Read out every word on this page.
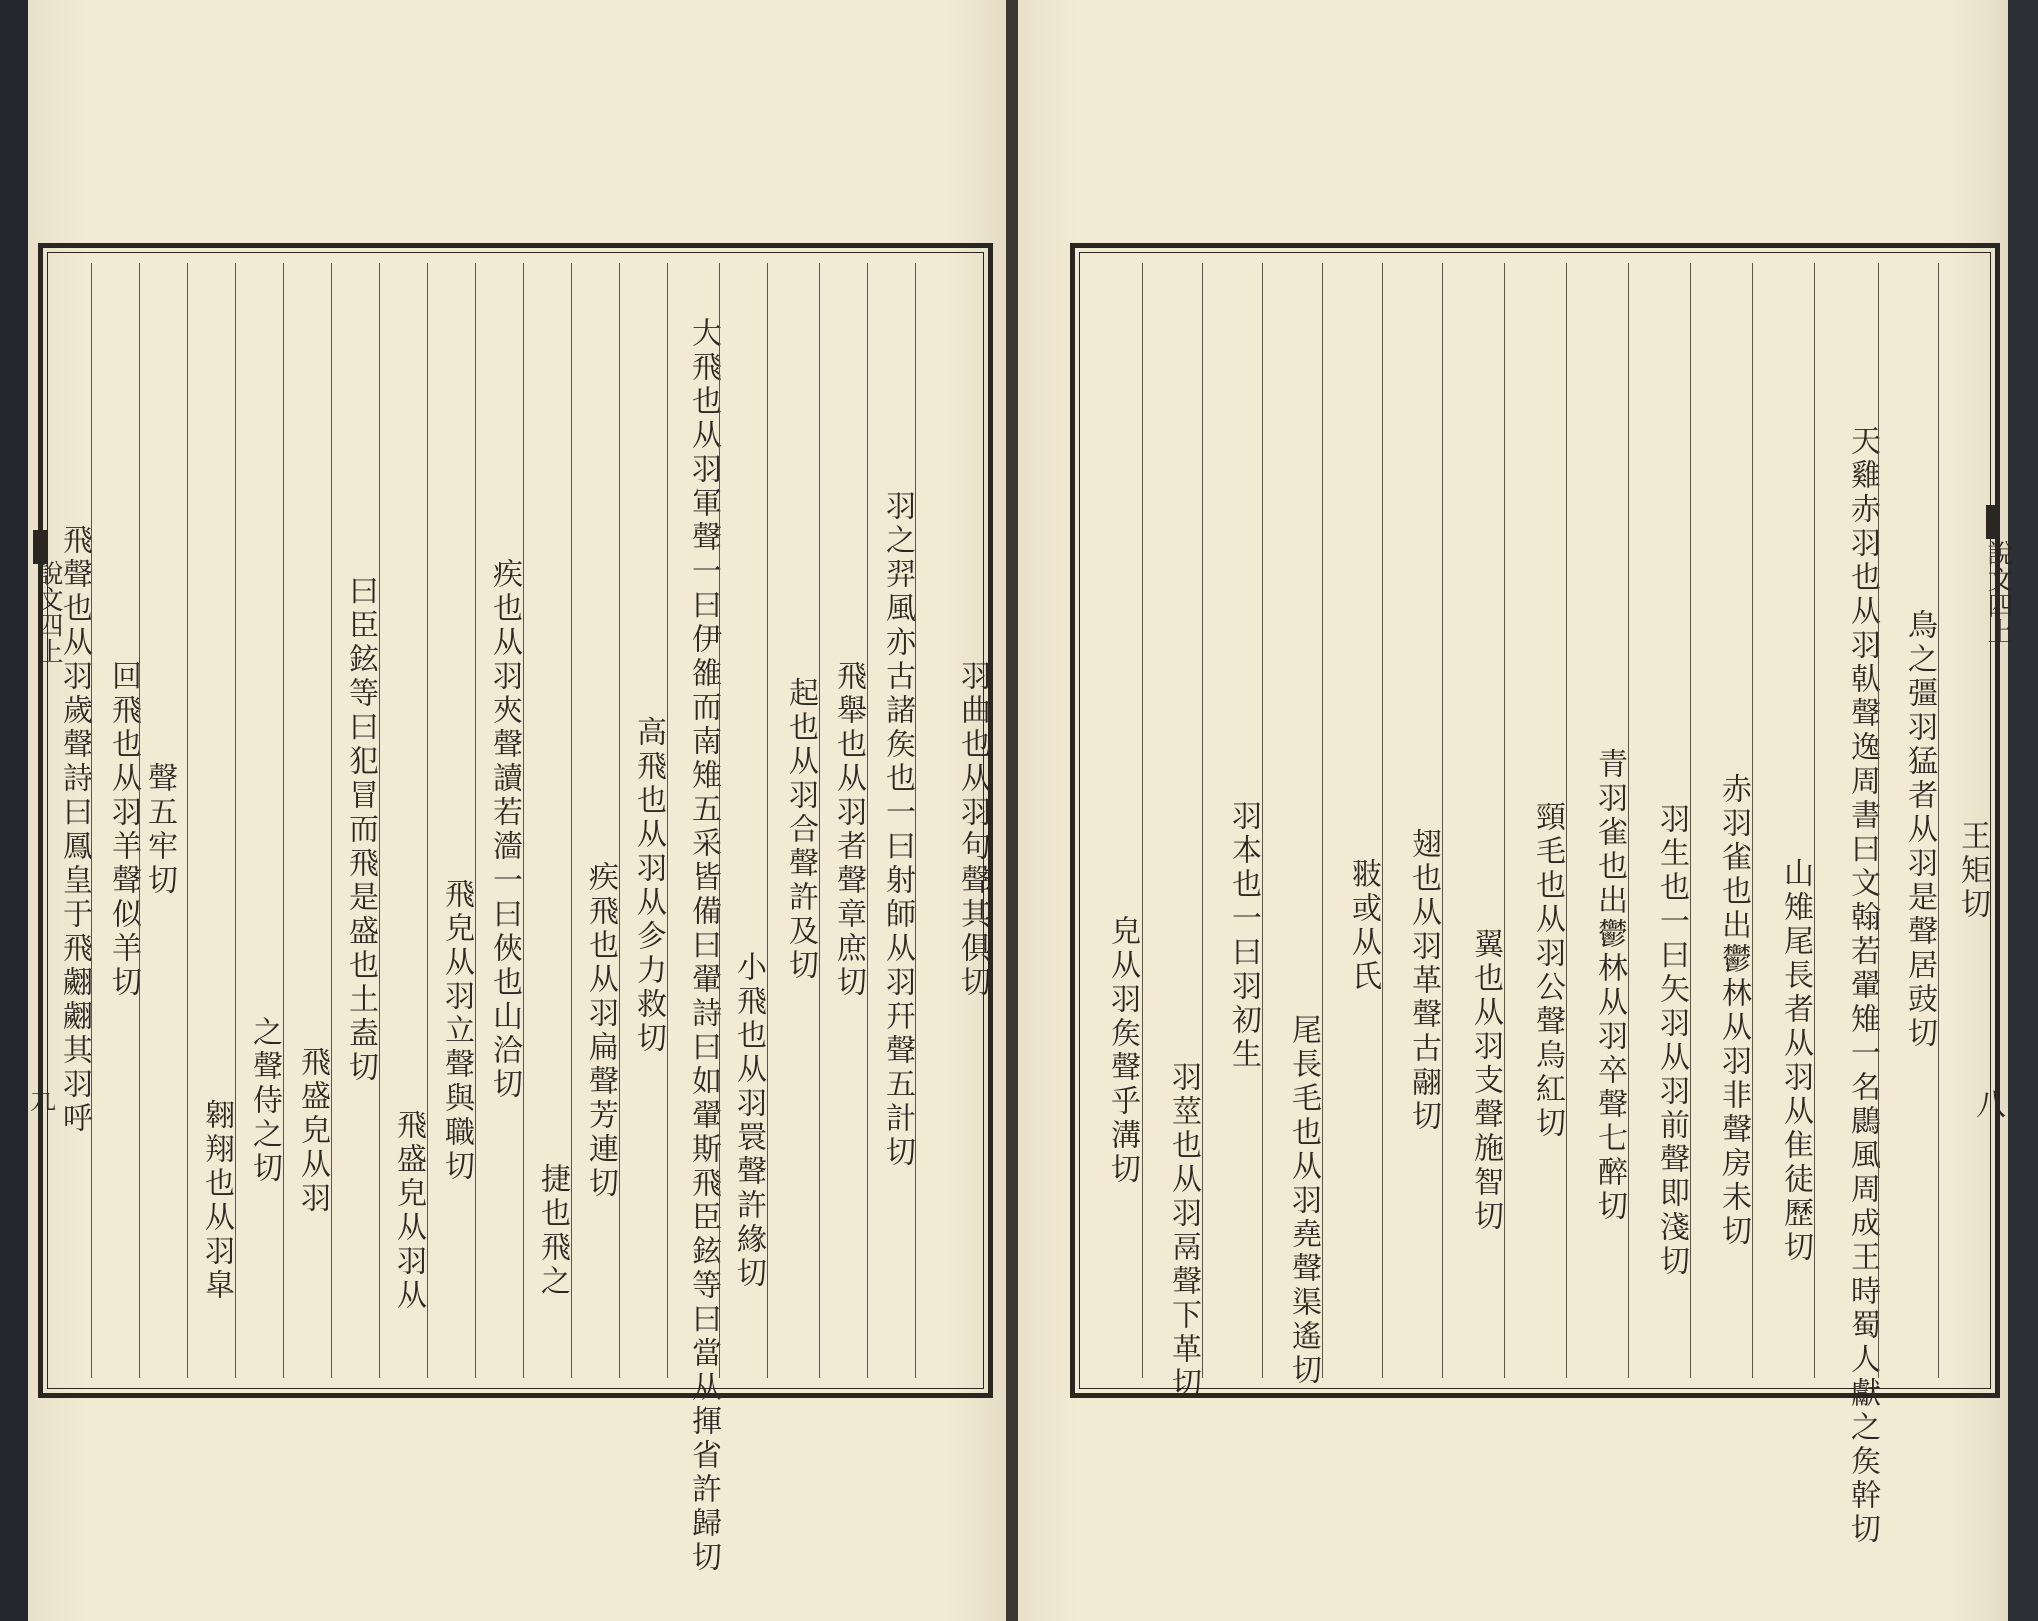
飛聲也从羽歲聲詩曰鳳皇于飛翽翽其羽呼 回飛也从羽羊聲似羊切 聲五牢切
翱翔也从羽皐 之聲侍之切 飛盛皃从羽
曰臣鉉等曰犯冒而飛是盛也土盍切
飛盛皃从羽从
飛皃从羽立聲與職切 疾也从羽夾聲讀若濇一曰俠也山洽切
捷也飛之
疾飛也从羽扁聲芳連切 高飛也从羽从㐱力救切 大飛也从羽軍聲一曰伊雒而南雉五采皆備曰翬詩曰如翬斯飛臣鉉等曰當从揮省許歸切 小飛也从羽睘聲許緣切
起也从羽合聲許及切 飛舉也从羽者聲章庶切 羽之羿風亦古諸矦也一曰射師从羽幵聲五計切	羽曲也从羽句聲其俱切
說文四上
九	皃从羽矦聲乎溝切
羽莖也从羽鬲聲下革切
羽本也一曰羽初生
尾長毛也从羽堯聲渠遙切
翄或从氏 翅也从羽革聲古翮切 翼也从羽支聲施智切 頸毛也从羽公聲烏紅切 青羽雀也出鬱林从羽卒聲七醉切 羽生也一曰矢羽从羽前聲即淺切 赤羽雀也出鬱林从羽非聲房未切 山雉尾長者从羽从隹徒歷切	天雞赤羽也从羽倝聲逸周書曰文翰若翬雉一名鷐風周成王時蜀人獻之矦幹切 鳥之彊羽猛者从羽是聲居豉切 王矩切
說文四上
八
